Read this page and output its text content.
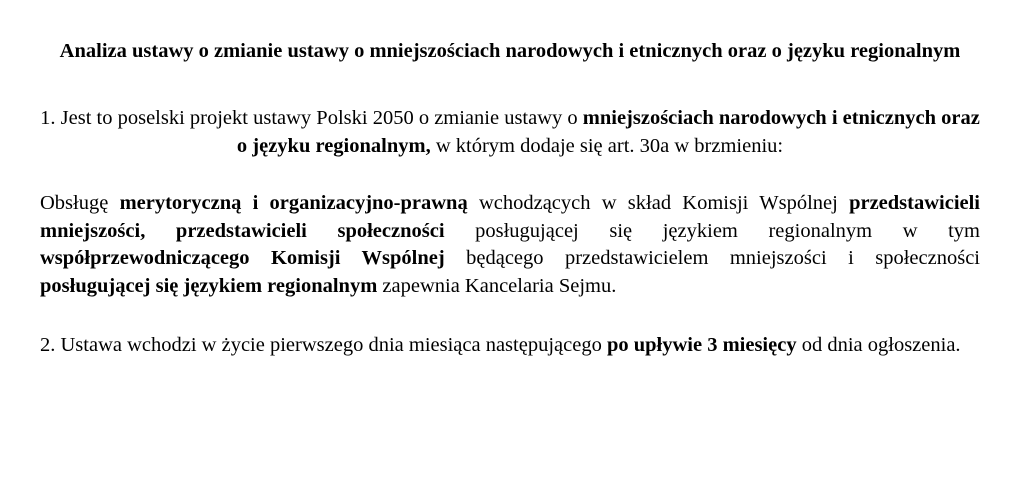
Analiza ustawy o zmianie ustawy o mniejszościach narodowych i etnicznych oraz o języku regionalnym

1. Jest to poselski projekt ustawy Polski 2050 o zmianie ustawy o mniejszościach narodowych i etnicznych oraz o języku regionalnym, w którym dodaje się art. 30a w brzmieniu:

Obsługę merytoryczną i organizacyjno-prawną wchodzących w skład Komisji Wspólnej przedstawicieli mniejszości, przedstawicieli społeczności posługującej się językiem regionalnym w tym współprzewodniczącego Komisji Wspólnej będącego przedstawicielem mniejszości i społeczności posługującej się językiem regionalnym zapewnia Kancelaria Sejmu.

2. Ustawa wchodzi w życie pierwszego dnia miesiąca następującego po upływie 3 miesięcy od dnia ogłoszenia.
